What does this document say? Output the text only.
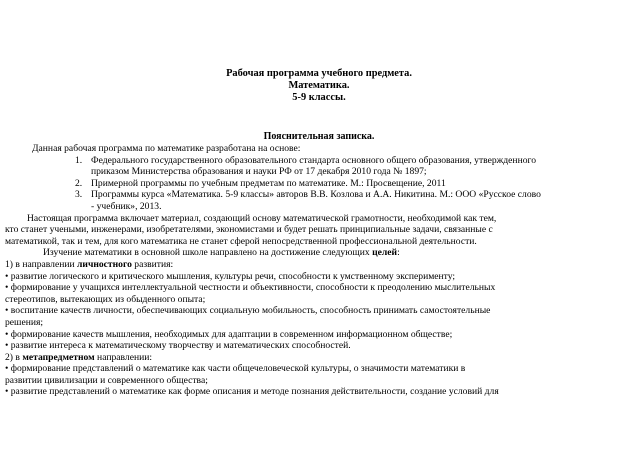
Рабочая программа учебного предмета.
Математика.
5-9 классы.
Пояснительная записка.
Данная рабочая программа по математике разработана на основе:
1. Федерального государственного образовательного стандарта основного общего образования, утвержденного
приказом Министерства образования и науки РФ от 17 декабря 2010 года № 1897;
2. Примерной программы по учебным предметам по математике. М.: Просвещение, 2011
3. Программы курса «Математика. 5-9 классы» авторов В.В. Козлова и А.А. Никитина. М.: ООО «Русское слово
- учебник», 2013.
Настоящая программа включает материал, создающий основу математической грамотности, необходимой как тем,
кто станет учеными, инженерами, изобретателями, экономистами и будет решать принципиальные задачи, связанные с
математикой, так и тем, для кого математика не станет сферой непосредственной профессиональной деятельности.
Изучение математики в основной школе направлено на достижение следующих целей:
1) в направлении личностного развития:
• развитие логического и критического мышления, культуры речи, способности к умственному эксперименту;
• формирование у учащихся интеллектуальной честности и объективности, способности к преодолению мыслительных
стереотипов, вытекающих из обыденного опыта;
• воспитание качеств личности, обеспечивающих социальную мобильность, способность принимать самостоятельные
решения;
• формирование качеств мышления, необходимых для адаптации в современном информационном обществе;
• развитие интереса к математическому творчеству и математических способностей.
2) в метапредметном направлении:
• формирование представлений о математике как части общечеловеческой культуры, о значимости математики в
развитии цивилизации и современного общества;
• развитие представлений о математике как форме описания и методе познания действительности, создание условий для
